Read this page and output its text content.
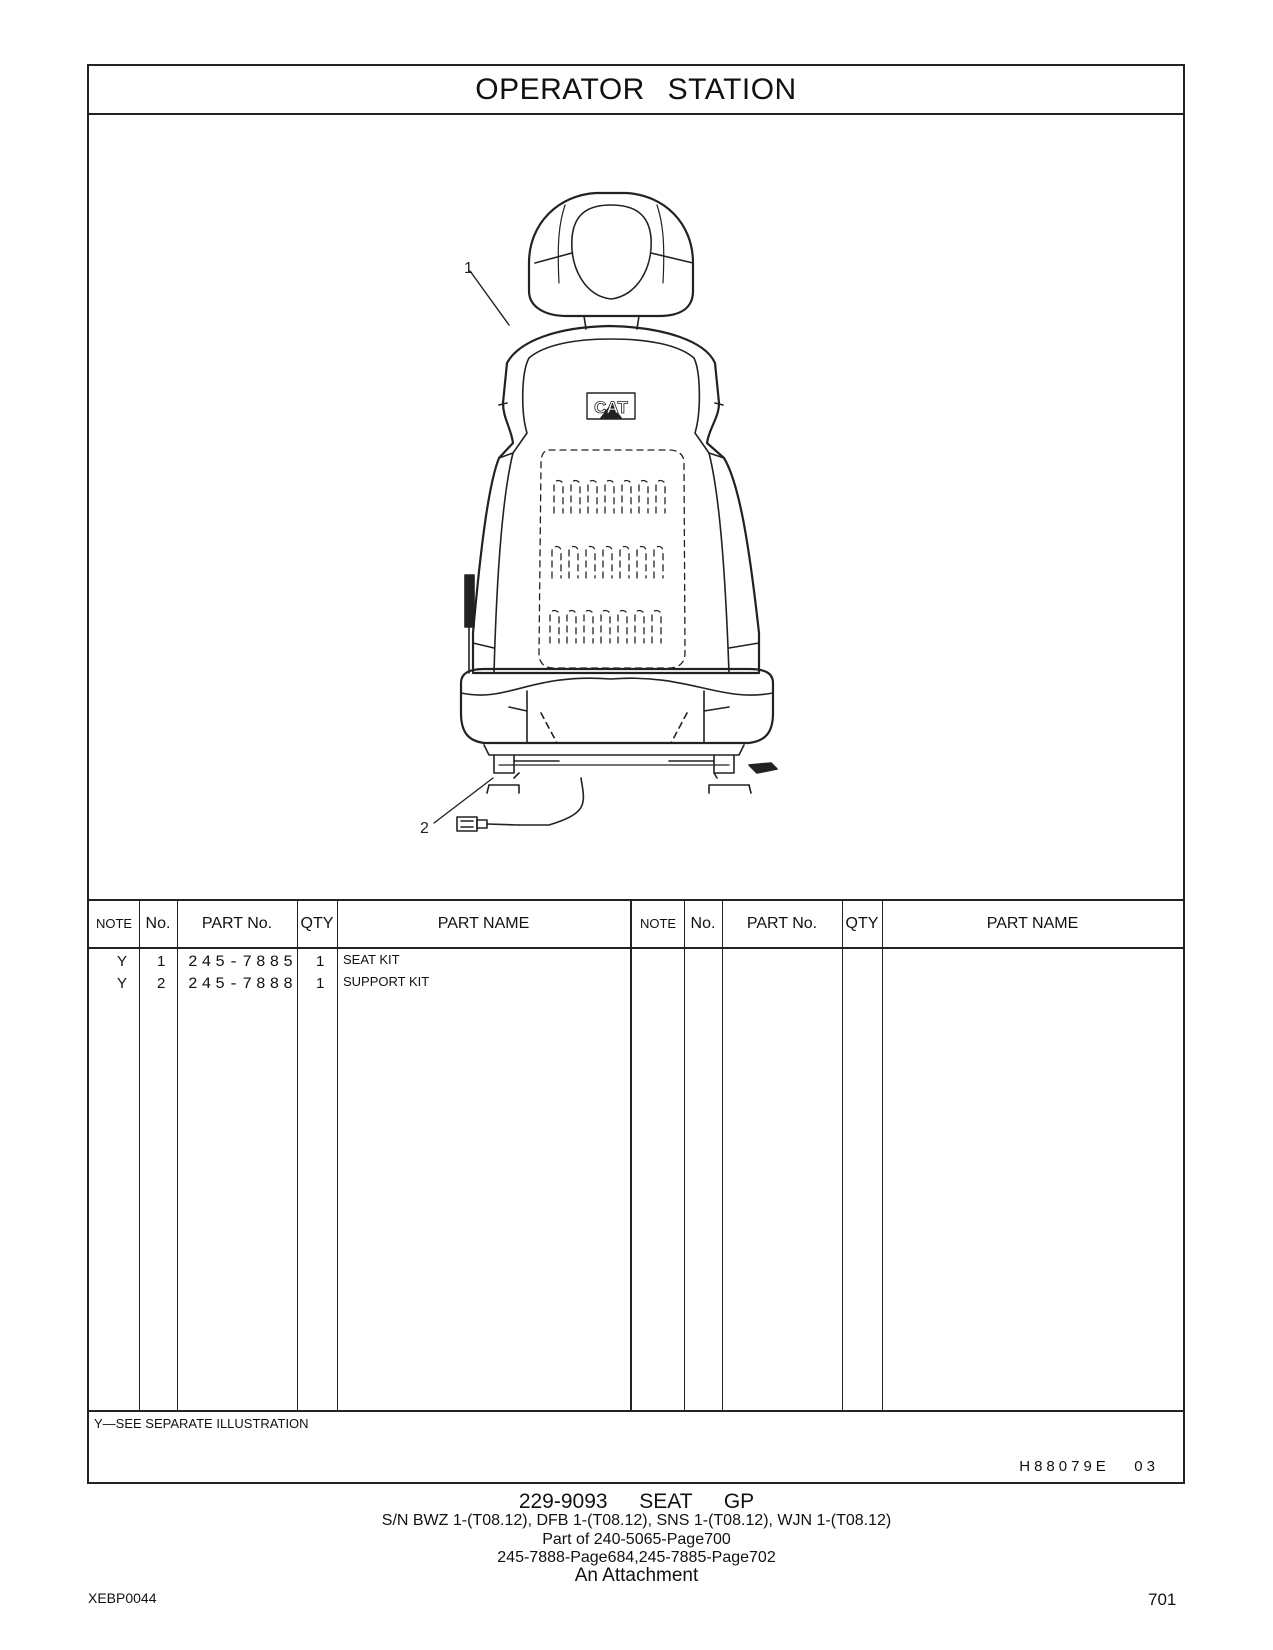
OPERATOR STATION
CAT
1
2
NOTE No.	PART No.	QTY	PART NAME	NOTE No.	PART No.	QTY	PART NAME
Y 1 245-7885 1 SEAT KIT
Y 2 245-7888 1 SUPPORT KIT
Y—SEE SEPARATE ILLUSTRATION
H88079E   03
229-9093  SEAT  GP
S/N BWZ 1-(T08.12), DFB 1-(T08.12), SNS 1-(T08.12), WJN 1-(T08.12)
Part of 240-5065-Page700
245-7888-Page684,245-7885-Page702
An Attachment
XEBP0044	701
